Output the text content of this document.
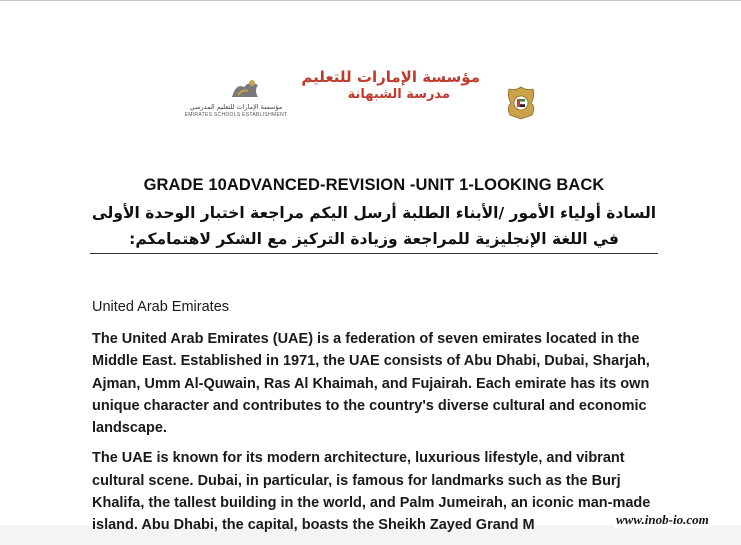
مؤسسة الإمارات للتعليم المدرسي
EMIRATES SCHOOLS ESTABLISHMENT
مؤسسة الإمارات للتعليم
مدرسة الشبهانة
GRADE 10ADVANCED-REVISION -UNIT 1-LOOKING BACK
السادة أولياء الأمور /الأبناء الطلبة أرسل اليكم مراجعة اختبار الوحدة الأولى
في اللغة الإنجليزية للمراجعة وزيادة التركيز مع الشكر لاهتمامكم:
United Arab Emirates

The United Arab Emirates (UAE) is a federation of seven emirates located in the Middle East. Established in 1971, the UAE consists of Abu Dhabi, Dubai, Sharjah, Ajman, Umm Al-Quwain, Ras Al Khaimah, and Fujairah. Each emirate has its own unique character and contributes to the country's diverse cultural and economic landscape.

The UAE is known for its modern architecture, luxurious lifestyle, and vibrant cultural scene. Dubai, in particular, is famous for landmarks such as the Burj Khalifa, the tallest building in the world, and Palm Jumeirah, an iconic man-made island. Abu Dhabi, the capital, boasts the Sheikh Zayed Grand M	www.inob-io.com
